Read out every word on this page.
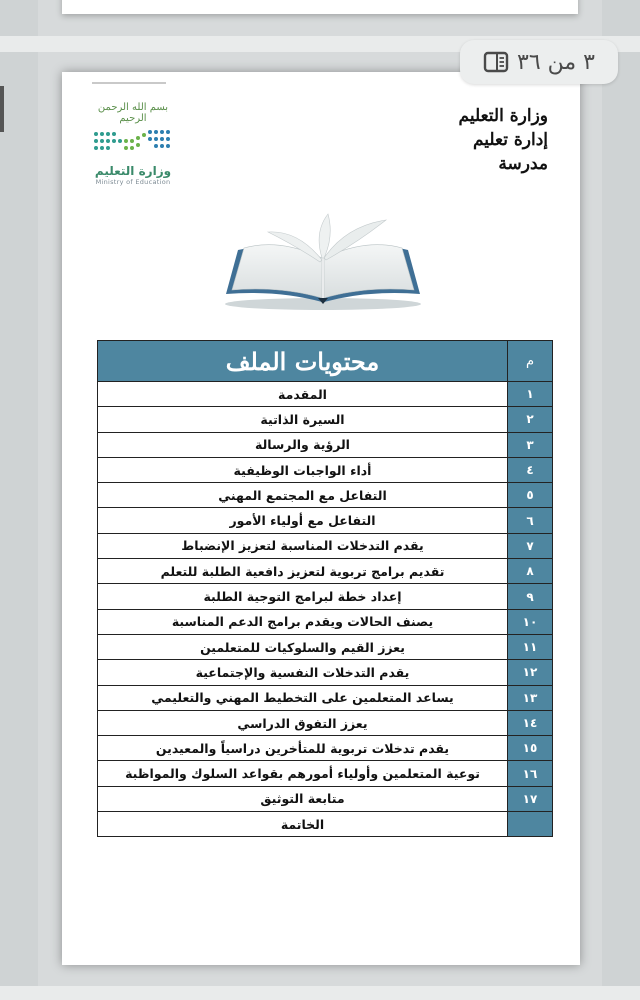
بسم الله الرحمن الرحيم
وزارة التعليم
Ministry of Education
وزارة التعليم
إدارة تعليم
مدرسة
م	محتويات الملف
١	المقدمة
٢	السيرة الذاتية
٣	الرؤية والرسالة
٤	أداء الواجبات الوظيفية
٥	التفاعل مع المجتمع المهني
٦	التفاعل مع أولياء الأمور
٧	يقدم التدخلات المناسبة لتعزيز الإنضباط
٨	تقديم برامج تربوية لتعزيز دافعية الطلبة للتعلم
٩	إعداد خطة لبرامج التوجية الطلبة
١٠	يصنف الحالات ويقدم برامج الدعم المناسبة
١١	يعزز القيم والسلوكيات للمتعلمين
١٢	يقدم التدخلات النفسية والإجتماعية
١٣	يساعد المتعلمين على التخطيط المهني والتعليمي
١٤	يعزز التفوق الدراسي
١٥	يقدم تدخلات تربوية للمتأخرين دراسياً والمعيدين
١٦	توعية المتعلمين وأولياء أمورهم بقواعد السلوك والمواظبة
١٧	متابعة التوثيق
	الخاتمة
٣ من ٣٦
